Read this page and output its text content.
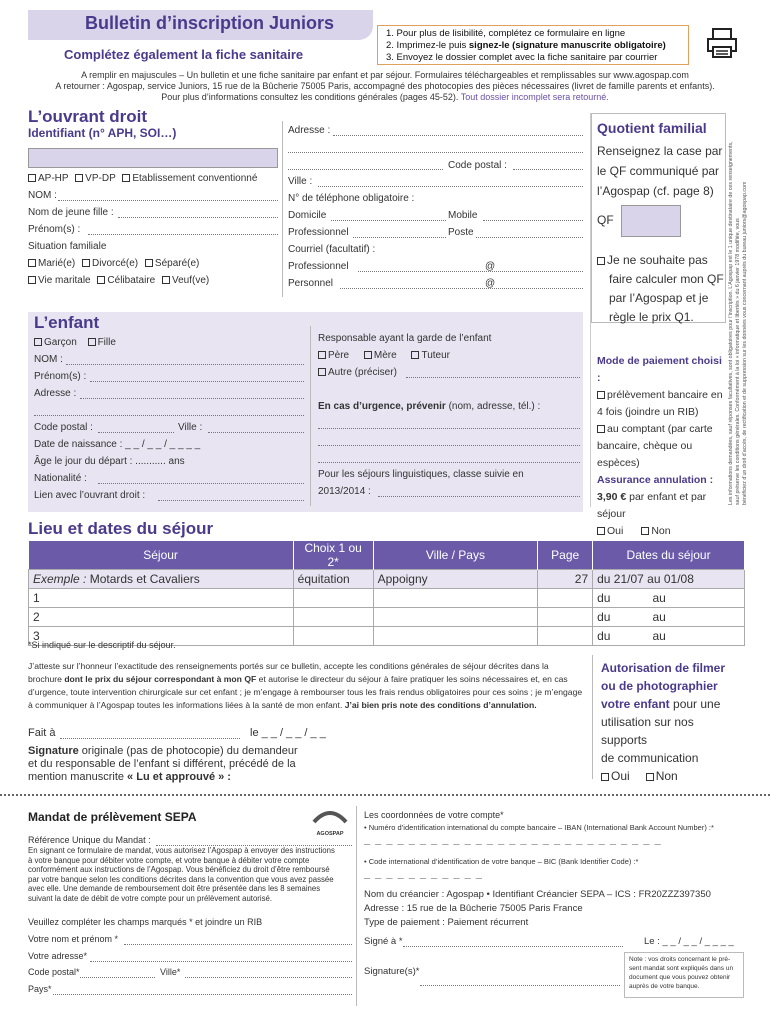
Bulletin d’inscription Juniors
Complétez également la fiche sanitaire
1. Pour plus de lisibilité, complétez ce formulaire en ligne
2. Imprimez-le puis signez-le (signature manuscrite obligatoire)
3. Envoyez le dossier complet avec la fiche sanitaire par courrier
A remplir en majuscules – Un bulletin et une fiche sanitaire par enfant et par séjour. Formulaires téléchargeables et remplissables sur www.agospap.com
A retourner : Agospap, service Juniors, 15 rue de la Bûcherie 75005 Paris, accompagné des photocopies des pièces nécessaires (livret de famille parents et enfants).
Pour plus d’informations consultez les conditions générales (pages 45-52). Tout dossier incomplet sera retourné.
L’ouvrant droit
Identifiant (n° APH, SOI…)
AP-HP VP-DP Etablissement conventionné
NOM :
Nom de jeune fille :
Prénom(s) :
Situation familiale
Marié(e) Divorcé(e) Séparé(e)
Vie maritale Célibataire Veuf(ve)
Adresse :
Code postal :
Ville :
N° de téléphone obligatoire :
Domicile	Mobile
Professionnel	Poste
Courriel (facultatif) :
Professionnel	@
Personnel	@
Quotient familial
Renseignez la case par
le QF communiqué par
l’Agospap (cf. page 8)
QF
Je ne souhaite pas
faire calculer mon QF
par l’Agospap et je
règle le prix Q1.
Mode de paiement choisi :
prélèvement bancaire en
4 fois (joindre un RIB)
au comptant (par carte
bancaire, chèque ou espèces)
Assurance annulation :
3,90 € par enfant et par
séjour
Oui	Non
Les informations demandées, sauf réponses facultatives, sont obligatoires pour l’inscription. L’Agospap est le 1 unique destinataire de ces renseignements, sauf préserve les conditions générales. Conformément à la loi « informatique et libertés » du 6 janvier 1978 modifiée, vous bénéficiez d’un droit d’accès, de rectification et de suppression sur les données vous concernant auprès du bureau juniors@agospap.com
L’enfant
Garçon Fille
NOM :
Prénom(s) :
Adresse :
Code postal :	Ville :
Date de naissance : _ _ / _ _ / _ _ _ _
Âge le jour du départ : ........... ans
Nationalité :
Lien avec l’ouvrant droit :
Responsable ayant la garde de l’enfant
Père Mère Tuteur
Autre (préciser)
En cas d’urgence, prévenir (nom, adresse, tél.) :
Pour les séjours linguistiques, classe suivie en
2013/2014 :
Lieu et dates du séjour
Séjour	Choix 1 ou 2*	Ville / Pays	Page	Dates du séjour
Exemple : Motards et Cavaliers	équitation	Appoigny	27	du 21/07 au 01/08
1				du au
2				du au
3				du au
*Si indiqué sur le descriptif du séjour.
J’atteste sur l’honneur l’exactitude des renseignements portés sur ce bulletin, accepte les conditions générales de séjour décrites dans la
brochure dont le prix du séjour correspondant à mon QF et autorise le directeur du séjour à faire pratiquer les soins nécessaires et, en cas
d’urgence, toute intervention chirurgicale sur cet enfant ; je m’engage à rembourser tous les frais rendus obligatoires pour ces soins ; je m’engage
à communiquer à l’Agospap toutes les informations liées à la santé de mon enfant. J’ai bien pris note des conditions d’annulation.
Fait à	le _ _ / _ _ / _ _
Signature originale (pas de photocopie) du demandeur
et du responsable de l’enfant si différent, précédé de la
mention manuscrite « Lu et approuvé » :
Autorisation de filmer
ou de photographier
votre enfant pour une
utilisation sur nos supports
de communication
Oui Non
Mandat de prélèvement SEPA
AGOSPAP
Référence Unique du Mandat :
En signant ce formulaire de mandat, vous autorisez l’Agospap à envoyer des instructions
à votre banque pour débiter votre compte, et votre banque à débiter votre compte
conformément aux instructions de l’Agospap. Vous bénéficiez du droit d’être remboursé
par votre banque selon les conditions décrites dans la convention que vous avez passée
avec elle. Une demande de remboursement doit être présentée dans les 8 semaines
suivant la date de débit de votre compte pour un prélèvement autorisé.
Veuillez compléter les champs marqués * et joindre un RIB
Votre nom et prénom *
Votre adresse*
Code postal*	Ville*
Pays*
Les coordonnées de votre compte*
• Numéro d’identification international du compte bancaire – IBAN (International Bank Account Number) :*
_ _ _ _ _ _ _ _ _ _ _ _ _ _ _ _ _ _ _ _ _ _ _ _ _ _ _
• Code international d’identification de votre banque – BIC (Bank Identifier Code) :*
_ _ _ _ _ _ _ _ _ _ _
Nom du créancier : Agospap • Identifiant Créancier SEPA – ICS : FR20ZZZ397350
Adresse : 15 rue de la Bûcherie 75005 Paris France
Type de paiement : Paiement récurrent
Signé à *	Le : _ _ / _ _ / _ _ _ _
Signature(s)*
Note : vos droits concernant le pré-
sent mandat sont expliqués dans un
document que vous pouvez obtenir
auprès de votre banque.
